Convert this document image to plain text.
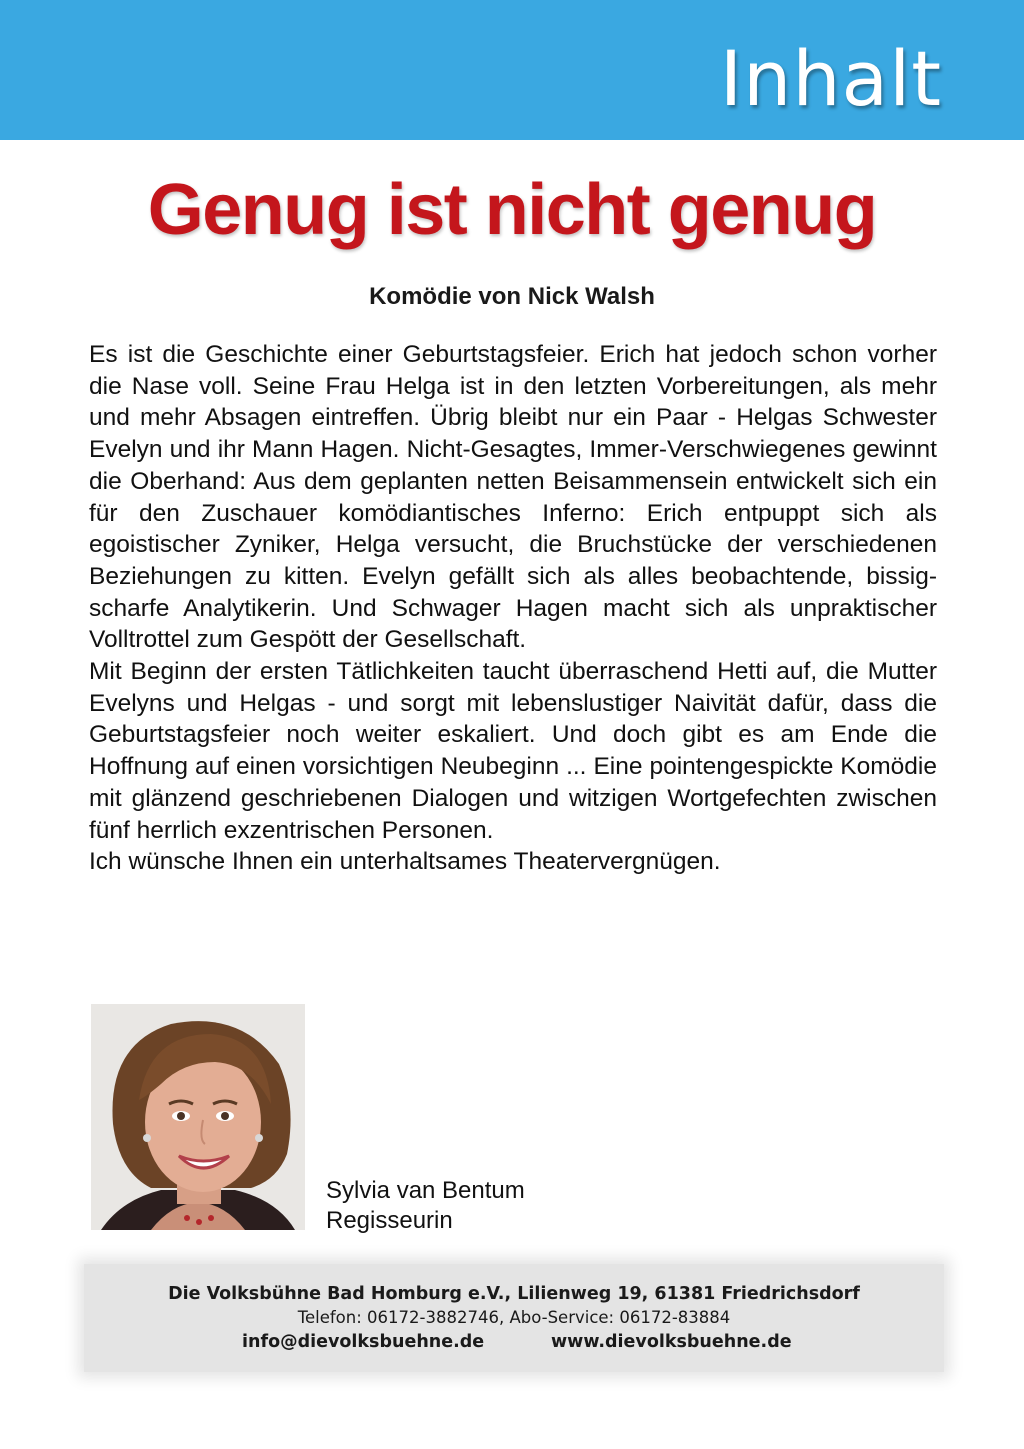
Inhalt
Genug ist nicht genug
Komödie von Nick Walsh

Es ist die Geschichte einer Geburtstagsfeier. Erich hat jedoch schon vorher die Nase voll. Seine Frau Helga ist in den letzten Vorbereitungen, als mehr und mehr Absagen eintreffen. Übrig bleibt nur ein Paar - Helgas Schwester Evelyn und ihr Mann Hagen. Nicht-Gesagtes, Immer-Verschwiegenes gewinnt die Oberhand: Aus dem geplanten netten Beisammensein entwickelt sich ein für den Zuschauer komödiantisches Inferno: Erich entpuppt sich als egoistischer Zyniker, Helga versucht, die Bruchstücke der verschiedenen Beziehungen zu kitten. Evelyn gefällt sich als alles beobachtende, bissig-scharfe Analytikerin. Und Schwager Hagen macht sich als unpraktischer Volltrottel zum Gespött der Gesellschaft.

Mit Beginn der ersten Tätlichkeiten taucht überraschend Hetti auf, die Mutter Evelyns und Helgas - und sorgt mit lebenslustiger Naivität dafür, dass die Geburtstagsfeier noch weiter eskaliert. Und doch gibt es am Ende die Hoffnung auf einen vorsichtigen Neubeginn ... Eine pointengespickte Komödie mit glänzend geschriebenen Dialogen und witzigen Wortgefechten zwischen fünf herrlich exzentrischen Personen.

Ich wünsche Ihnen ein unterhaltsames Theatervergnügen.

Sylvia van Bentum
Regisseurin
Die Volksbühne Bad Homburg e.V., Lilienweg 19, 61381 Friedrichsdorf
Telefon: 06172-3882746, Abo-Service: 06172-83884
info@dievolksbuehne.de	www.dievolksbuehne.de
